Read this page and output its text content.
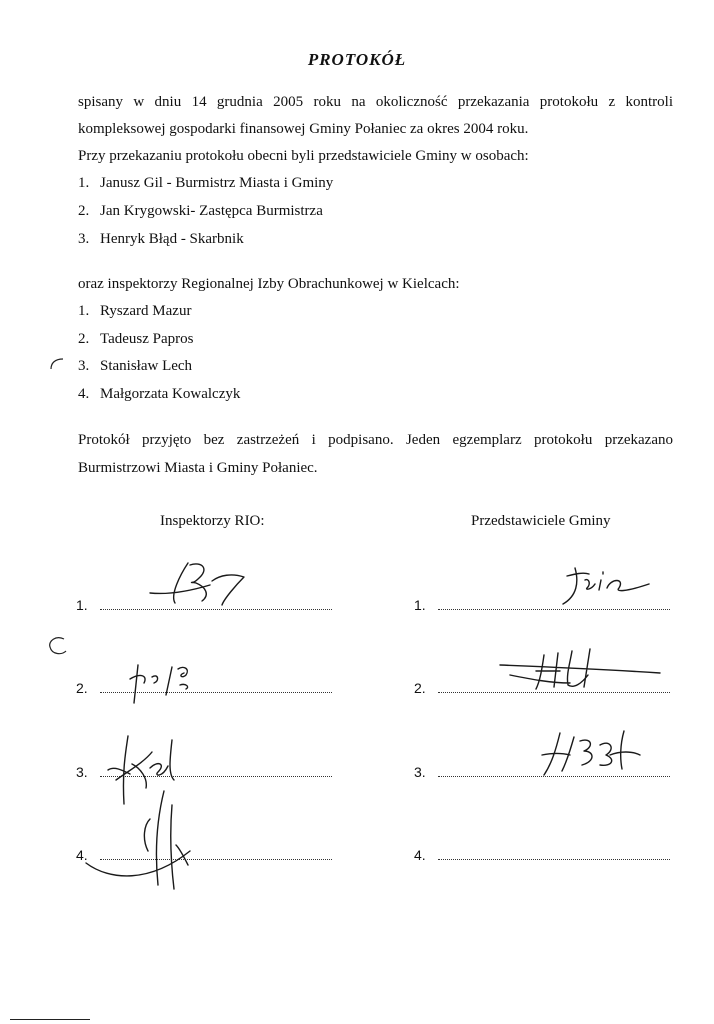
PROTOKÓŁ
spisany w dniu 14 grudnia 2005 roku na okoliczność przekazania protokołu z kontroli
kompleksowej gospodarki finansowej Gminy Połaniec za okres 2004 roku.
Przy przekazaniu protokołu obecni byli przedstawiciele Gminy w osobach:
1. Janusz Gil - Burmistrz Miasta i Gminy
2. Jan Krygowski- Zastępca Burmistrza
3. Henryk Błąd - Skarbnik
oraz inspektorzy Regionalnej Izby Obrachunkowej w Kielcach:
1. Ryszard Mazur
2. Tadeusz Papros
3. Stanisław Lech
4. Małgorzata Kowalczyk
Protokół przyjęto bez zastrzeżeń i podpisano. Jeden egzemplarz protokołu przekazano
Burmistrzowi Miasta i Gminy Połaniec.
Inspektorzy RIO:	Przedstawiciele Gminy
1.
2.
3.
4.
1.
2.
3.
4.
